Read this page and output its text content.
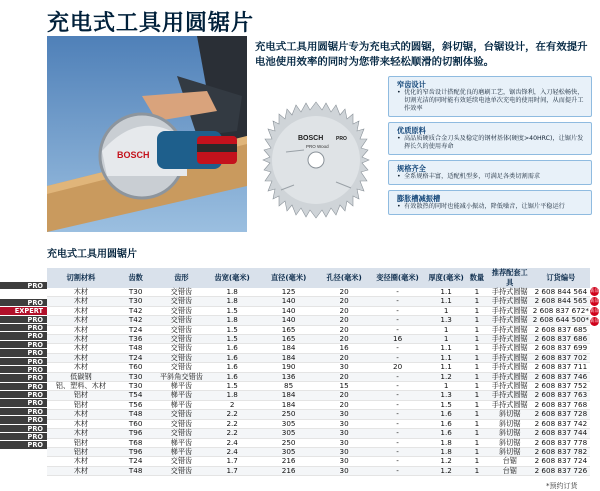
充电式工具用圆锯片
BOSCH
充电式工具用圆锯片专为充电式的圆锯，斜切锯，台锯设计，在有效提升电池使用效率的同时为您带来轻松顺滑的切割体验。
BOSCH	PRO
PRO Wood
窄齿设计
• 优化的窄齿设计搭配优良的磨刷工艺，锯齿锋利，入刀轻松畅快，切割光洁的同时能有效延续电池单次充电的使用时间，从而提升工作效率
优质原料
• 高品质硬质合金刀头及稳定的钢材基体(硬度>40HRC)，让锯片发挥长久的使用寿命
规格齐全
• 全系规格丰富，适配机型多，可满足各类切割需求
膨胀槽减振槽
• 有效散热的同时也能减小振动，降低噪音，让锯片平稳运行
充电式工具用圆锯片
切割材料	齿数	齿形	齿宽(毫米)	直径(毫米)	孔径(毫米)	变径圈(毫米)	厚度(毫米)	数量	推荐配套工具	订货编号
木材	T30	交错齿	1.8	125	20	-	1.1	1	手持式圆锯	2 608 844 564
木材	T30	交错齿	1.8	140	20	-	1.1	1	手持式圆锯	2 608 844 565
木材	T42	交错齿	1.5	140	20	-	1	1	手持式圆锯	2 608 837 672*
木材	T42	交错齿	1.8	140	20	-	1.3	1	手持式圆锯	2 608 644 500*
木材	T24	交错齿	1.5	165	20	-	1	1	手持式圆锯	2 608 837 685
木材	T36	交错齿	1.5	165	20	16	1	1	手持式圆锯	2 608 837 686
木材	T48	交错齿	1.6	184	16	-	1.1	1	手持式圆锯	2 608 837 699
木材	T24	交错齿	1.6	184	20	-	1.1	1	手持式圆锯	2 608 837 702
木材	T60	交错齿	1.6	190	30	20	1.1	1	手持式圆锯	2 608 837 711
低碳钢	T30	平斜角交错齿	1.6	136	20	-	1.2	1	手持式圆锯	2 608 837 746
铝、塑料、木材	T30	梯平齿	1.5	85	15	-	1	1	手持式圆锯	2 608 837 752
铝材	T54	梯平齿	1.8	184	20	-	1.3	1	手持式圆锯	2 608 837 763
铝材	T56	梯平齿	2	184	20	-	1.5	1	手持式圆锯	2 608 837 768
木材	T48	交错齿	2.2	250	30	-	1.6	1	斜切锯	2 608 837 728
木材	T60	交错齿	2.2	305	30	-	1.6	1	斜切锯	2 608 837 742
木材	T96	交错齿	2.2	305	30	-	1.6	1	斜切锯	2 608 837 744
铝材	T68	梯平齿	2.4	250	30	-	1.8	1	斜切锯	2 608 837 778
铝材	T96	梯平齿	2.4	305	30	-	1.8	1	斜切锯	2 608 837 782
木材	T24	交错齿	1.7	216	30	-	1.2	1	台锯	2 608 837 724
木材	T48	交错齿	1.7	216	30	-	1.2	1	台锯	2 608 837 726
PRO
PRO
EXPERT
PRO
PRO
PRO
PRO
PRO
PRO
PRO
PRO
PRO
PRO
PRO
PRO
PRO
PRO
PRO
PRO
新品
新品
新品
新品
*预约订货
